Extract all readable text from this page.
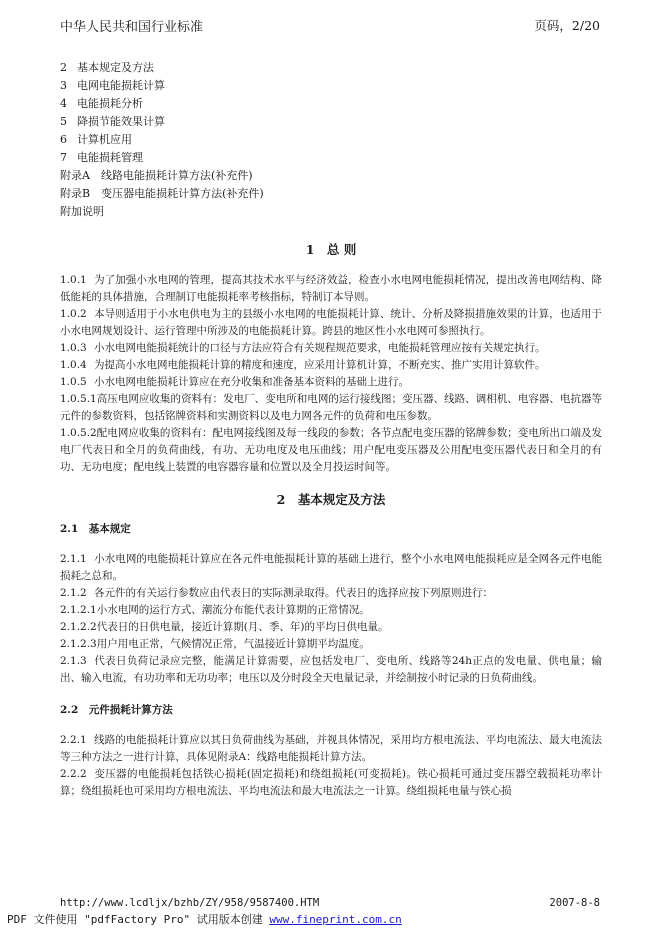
中华人民共和国行业标准	页码，2/20
2 基本规定及方法
3 电网电能损耗计算
4 电能损耗分析
5 降损节能效果计算
6 计算机应用
7 电能损耗管理
附录A　线路电能损耗计算方法(补充件)
附录B　变压器电能损耗计算方法(补充件)
附加说明
1　总 则

1.0.1 为了加强小水电网的管理，提高其技术水平与经济效益，检查小水电网电能损耗情况，提出改善电网结构、降低能耗的具体措施，合理制订电能损耗率考核指标，特制订本导则。

1.0.2 本导则适用于小水电供电为主的县级小水电网的电能损耗计算、统计、分析及降损措施效果的计算，也适用于小水电网规划设计、运行管理中所涉及的电能损耗计算。跨县的地区性小水电网可参照执行。

1.0.3 小水电网电能损耗统计的口径与方法应符合有关规程规范要求，电能损耗管理应按有关规定执行。

1.0.4 为提高小水电网电能损耗计算的精度和速度，应采用计算机计算，不断充实、推广实用计算软件。

1.0.5 小水电网电能损耗计算应在充分收集和准备基本资料的基础上进行。

1.0.5.1高压电网应收集的资料有：发电厂、变电所和电网的运行接线图；变压器、线路、调相机、电容器、电抗器等元件的参数资料，包括铭牌资料和实测资料以及电力网各元件的负荷和电压参数。

1.0.5.2配电网应收集的资料有：配电网接线图及每一线段的参数；各节点配电变压器的铭牌参数；变电所出口端及发电厂代表日和全月的负荷曲线，有功、无功电度及电压曲线；用户配电变压器及公用配电变压器代表日和全月的有功、无功电度；配电线上装置的电容器容量和位置以及全月投运时间等。

2　基本规定及方法
2.1　基本规定

2.1.1 小水电网的电能损耗计算应在各元件电能损耗计算的基础上进行，整个小水电网电能损耗应是全网各元件电能损耗之总和。

2.1.2 各元件的有关运行参数应由代表日的实际测录取得。代表日的选择应按下列原则进行：

2.1.2.1小水电网的运行方式、潮流分布能代表计算期的正常情况。

2.1.2.2代表日的日供电量，接近计算期(月、季、年)的平均日供电量。

2.1.2.3用户用电正常，气候情况正常，气温接近计算期平均温度。

2.1.3 代表日负荷记录应完整，能满足计算需要，应包括发电厂、变电所、线路等24h正点的发电量、供电量；输出、输入电流，有功功率和无功功率；电压以及分时段全天电量记录，并绘制按小时记录的日负荷曲线。

2.2　元件损耗计算方法

2.2.1 线路的电能损耗计算应以其日负荷曲线为基础，并视具体情况，采用均方根电流法、平均电流法、最大电流法等三种方法之一进行计算，具体见附录A：线路电能损耗计算方法。

2.2.2 变压器的电能损耗包括铁心损耗(固定损耗)和绕组损耗(可变损耗)。铁心损耗可通过变压器空载损耗功率计算；绕组损耗也可采用均方根电流法、平均电流法和最大电流法之一计算。绕组损耗电量与铁心损

http://www.lcdljx/bzhb/ZY/958/9587400.HTM	2007-8-8
PDF 文件使用 "pdfFactory Pro" 试用版本创建 www.fineprint.com.cn
